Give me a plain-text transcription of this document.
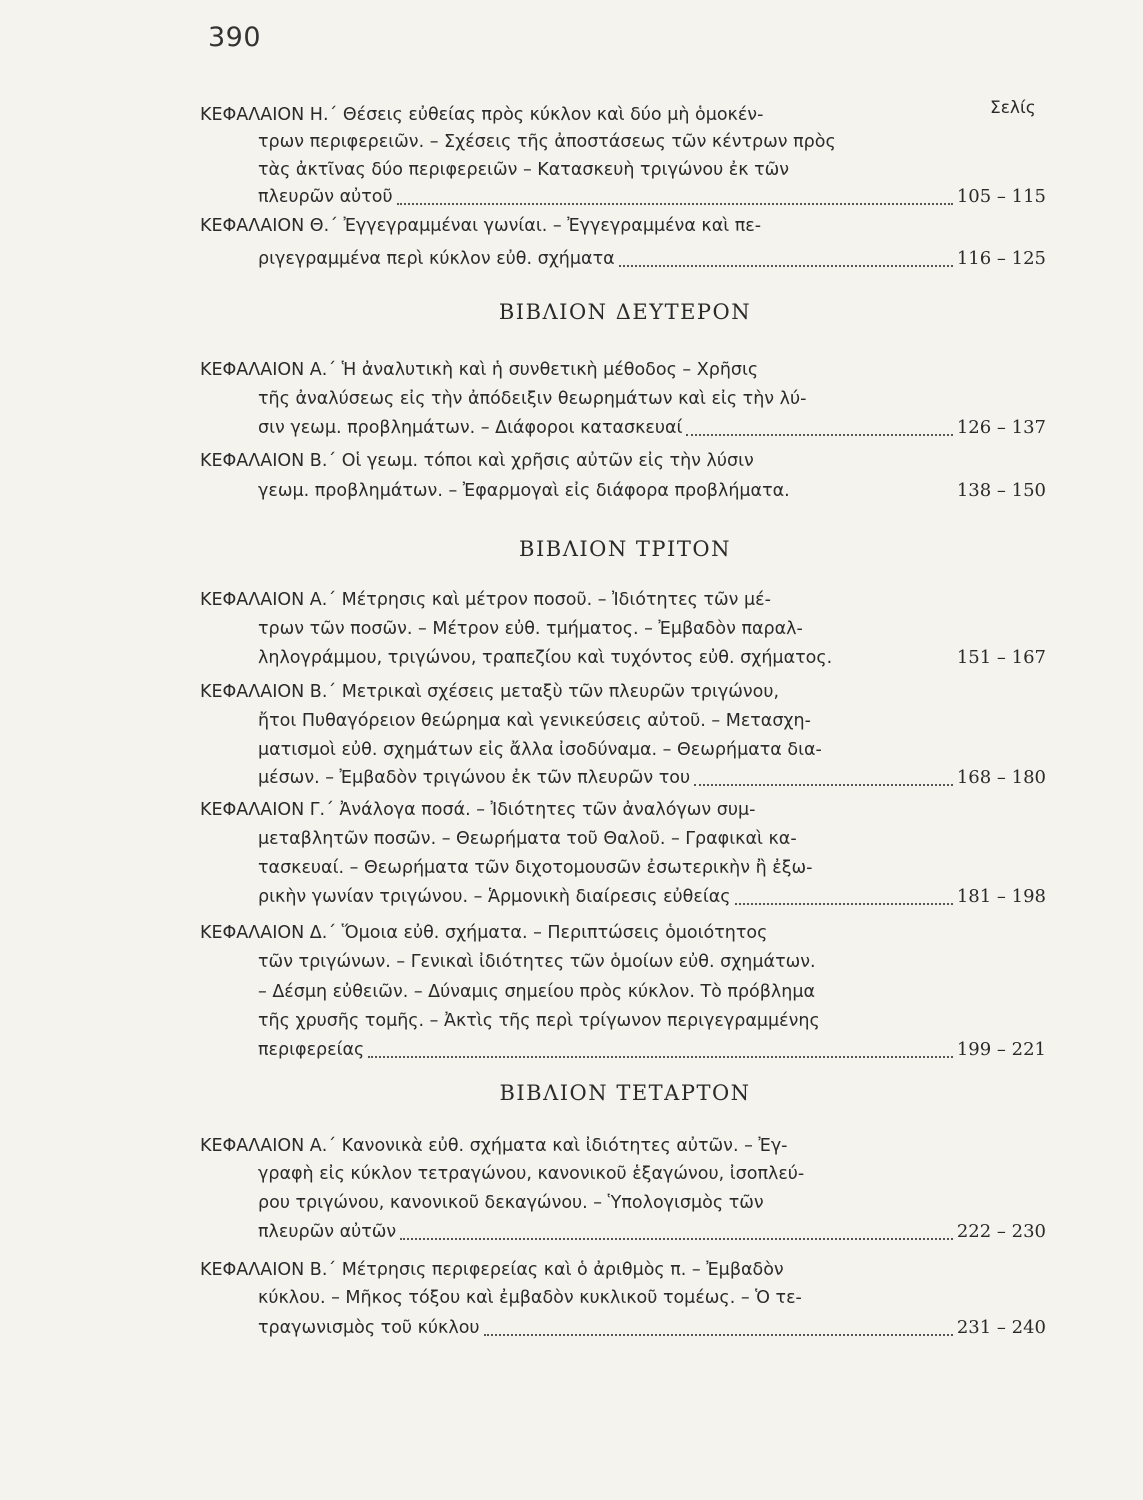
390
Σελίς
ΚΕΦΑΛΑΙΟΝ Η.΄ Θέσεις εὐθείας πρὸς κύκλον καὶ δύο μὴ ὁμοκέν-
τρων περιφερειῶν. – Σχέσεις τῆς ἀποστάσεως τῶν κέντρων πρὸς
τὰς ἀκτῖνας δύο περιφερειῶν – Κατασκευὴ τριγώνου ἐκ τῶν
πλευρῶν αὐτοῦ	105 – 115
ΚΕΦΑΛΑΙΟΝ Θ.΄ Ἐγγεγραμμέναι γωνίαι. – Ἐγγεγραμμένα καὶ πε-
ριγεγραμμένα περὶ κύκλον εὐθ. σχήματα	116 – 125
ΒΙΒΛΙΟΝ ΔΕΥΤΕΡΟΝ
ΚΕΦΑΛΑΙΟΝ Α.΄ Ἡ ἀναλυτικὴ καὶ ἡ συνθετικὴ μέθοδος – Χρῆσις
τῆς ἀναλύσεως εἰς τὴν ἀπόδειξιν θεωρημάτων καὶ εἰς τὴν λύ-
σιν γεωμ. προβλημάτων. – Διάφοροι κατασκευαί	126 – 137
ΚΕΦΑΛΑΙΟΝ Β.΄ Οἱ γεωμ. τόποι καὶ χρῆσις αὐτῶν εἰς τὴν λύσιν
γεωμ. προβλημάτων. – Ἐφαρμογαὶ εἰς διάφορα προβλήματα.	138 – 150
ΒΙΒΛΙΟΝ ΤΡΙΤΟΝ
ΚΕΦΑΛΑΙΟΝ Α.΄ Μέτρησις καὶ μέτρον ποσοῦ. – Ἰδιότητες τῶν μέ-
τρων τῶν ποσῶν. – Μέτρον εὐθ. τμήματος. – Ἐμβαδὸν παραλ-
ληλογράμμου, τριγώνου, τραπεζίου καὶ τυχόντος εὐθ. σχήματος.	151 – 167
ΚΕΦΑΛΑΙΟΝ Β.΄ Μετρικαὶ σχέσεις μεταξὺ τῶν πλευρῶν τριγώνου,
ἤτοι Πυθαγόρειον θεώρημα καὶ γενικεύσεις αὐτοῦ. – Μετασχη-
ματισμοὶ εὐθ. σχημάτων εἰς ἄλλα ἰσοδύναμα. – Θεωρήματα δια-
μέσων. – Ἐμβαδὸν τριγώνου ἐκ τῶν πλευρῶν του	168 – 180
ΚΕΦΑΛΑΙΟΝ Γ.΄ Ἀνάλογα ποσά. – Ἰδιότητες τῶν ἀναλόγων συμ-
μεταβλητῶν ποσῶν. – Θεωρήματα τοῦ Θαλοῦ. – Γραφικαὶ κα-
τασκευαί. – Θεωρήματα τῶν διχοτομουσῶν ἐσωτερικὴν ἢ ἐξω-
ρικὴν γωνίαν τριγώνου. – Ἁρμονικὴ διαίρεσις εὐθείας	181 – 198
ΚΕΦΑΛΑΙΟΝ Δ.΄ Ὅμοια εὐθ. σχήματα. – Περιπτώσεις ὁμοιότητος
τῶν τριγώνων. – Γενικαὶ ἰδιότητες τῶν ὁμοίων εὐθ. σχημάτων.
– Δέσμη εὐθειῶν. – Δύναμις σημείου πρὸς κύκλον. Τὸ πρόβλημα
τῆς χρυσῆς τομῆς. – Ἀκτὶς τῆς περὶ τρίγωνον περιγεγραμμένης
περιφερείας	199 – 221
ΒΙΒΛΙΟΝ ΤΕΤΑΡΤΟΝ
ΚΕΦΑΛΑΙΟΝ Α.΄ Κανονικὰ εὐθ. σχήματα καὶ ἰδιότητες αὐτῶν. – Ἐγ-
γραφὴ εἰς κύκλον τετραγώνου, κανονικοῦ ἑξαγώνου, ἰσοπλεύ-
ρου τριγώνου, κανονικοῦ δεκαγώνου. – Ὑπολογισμὸς τῶν
πλευρῶν αὐτῶν	222 – 230
ΚΕΦΑΛΑΙΟΝ Β.΄ Μέτρησις περιφερείας καὶ ὁ ἀριθμὸς π. – Ἐμβαδὸν
κύκλου. – Μῆκος τόξου καὶ ἐμβαδὸν κυκλικοῦ τομέως. – Ὁ τε-
τραγωνισμὸς τοῦ κύκλου	231 – 240
